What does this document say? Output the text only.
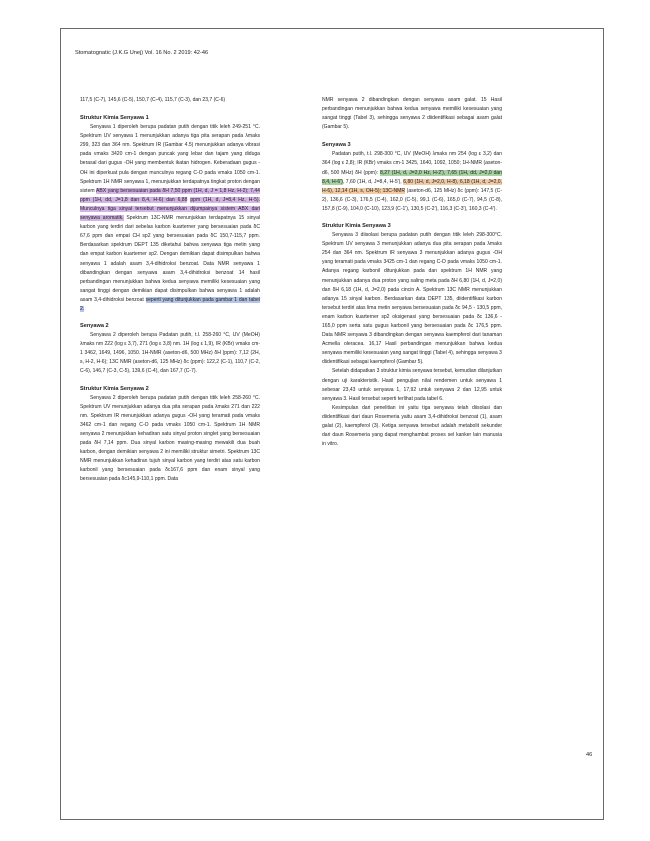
Stomatognatic (J.K.G Unej) Vol. 16 No. 2 2019: 42-46

117,5 (C-7), 145,6 (C-5), 150,7 (C-4), 115,7 (C-3), dan 23,7 (C-6)

Struktur Kimia Senyawa 1

Senyawa 1 diperoleh berupa padatan putih dengan titik leleh 249-251 °C. Spektrum UV senyawa 1 menunjukkan adanya tiga pita serapan pada λmaks 299, 323 dan 364 nm. Spektrum IR (Gambar 4.5) menunjukkan adanya vibrasi pada νmaks 3420 cm-1 dengan puncak yang lebar dan tajam yang diduga berasal dari gugus -OH yang membentuk ikatan hidrogen. Keberadaan gugus -OH ini diperkuat pula dengan munculnya regang C-O pada νmaks 1050 cm-1. Spektrum 1H NMR senyawa 1, menunjukkan terdapatnya tingkat proton dengan sistem ABX yang bersesuaian pada δH 7,50 ppm (1H, d, J = 1,8 Hz, H-2); 7,44 ppm (1H, dd, J=1,8 dan 8,4, H-6) dan 6,88 ppm (1H, d, J=8,4 Hz, H-5). Munculnya tiga sinyal tersebut menunjukkan dijumpainya sistem ABX dari senyawa aromatik. Spektrum 13C-NMR menunjukkan terdapatnya 15 sinyal karbon yang terdiri dari sebelas karbon kuarterner yang bersesuaian pada δC 67,6 ppm dan empat CH sp2 yang bersesuaian pada δC 150,7-115,7 ppm. Berdasarkan spektrum DEPT 135 diketahui bahwa senyawa tiga metin yang dan empat karbon kuarterner sp2. Dengan demikian dapat disimpulkan bahwa senyawa 1 adalah asam 3,4-dihidroksi benzoat. Data NMR senyawa 1 dibandingkan dengan senyawa asam 3,4-dihidroksi benzoat 14 hasil perbandingan menunjukkan bahwa kedua senyawa memiliki kesesuaian yang sangat tinggi dengan demikian dapat disimpulkan bahwa senyawa 1 adalah asam 3,4-dihidroksi benzoat seperti yang ditunjukkan pada gambar 1 dan tabel 2.

Senyawa 2

Senyawa 2 diperoleh berupa Padatan putih, t.l. 258-260 °C, UV (MeOH) λmaks nm 222 (log ε 3,7), 271 (log ε 3,8) nm. 1H (log ε 1,9), IR (KBr) νmaks cm-1 3462, 1649, 1496, 1050. 1H-NMR (aseton-d6, 500 MHz) δH (ppm): 7,12 (2H, s, H-2, H-6); 13C NMR (aseton-d6, 125 MHz) δc (ppm): 122,2 (C-1), 110,7 (C-2, C-6), 146,7 (C-3, C-5), 139,6 (C-4), dan 167,7 (C-7).

Struktur Kimia Senyawa 2

Senyawa 2 diperoleh berupa padatan putih dengan titik leleh 258-260 °C. Spektrum UV menunjukkan adanya dua pita serapan pada λmaks 271 dan 222 nm. Spektrum IR menunjukkan adanya gugus -OH yang teramati pada νmaks 3462 cm-1 dan regang C-O pada νmaks 1050 cm-1. Spektrum 1H NMR senyawa 2 menunjukkan kehadiran satu sinyal proton singlet yang bersesuaian pada δH 7,14 ppm. Dua sinyal karbon masing-masing mewakili dua buah karbon, dengan demikian senyawa 2 ini memiliki struktur simetri. Spektrum 13C NMR menunjukkan kehadiran tujuh sinyal karbon yang terdiri atas satu karbon karbonil yang bersesuaian pada δc167,6 ppm dan enam sinyal yang bersesuaian pada δc145,9-110,1 ppm. Data

NMR senyawa 2 dibandingkan dengan senyawa asam galat. 15 Hasil perbandingan menunjukkan bahwa kedua senyawa memiliki kesesuaian yang sangat tinggi (Tabel 3), sehingga senyawa 2 diidentifikasi sebagai asam galat (Gambar 5).

Senyawa 3

Padatan putih, t.l. 298-300 °C, UV (MeOH) λmaks nm 254 (log ε 3,2) dan 364 (log ε 2,8); IR (KBr) νmaks cm-1 3425, 1640, 1092, 1050; 1H-NMR (aseton-d6, 500 MHz) δH (ppm): 8,27 (1H, d, J=2,0 Hz, H-2'), 7,65 (1H, dd, J=2,0 dan 8,4, H-6'), 7,60 (1H, d, J=8,4, H-5'), 6,80 (1H, d, J=2,0, H-8), 6,18 (1H, d, J=2,0, H-6), 12,14 (1H, s, OH-5); 13C-NMR (aseton-d6, 125 MHz) δc (ppm): 147,5 (C-2), 136,6 (C-3), 176,5 (C-4), 162,0 (C-5), 99,1 (C-6), 165,0 (C-7), 94,5 (C-8), 157,8 (C-9), 104,0 (C-10), 123,9 (C-1'), 130,5 (C-2'), 116,3 (C-3'), 160,3 (C-4').

Struktur Kimia Senyawa 3

Senyawa 3 diisolasi berupa padatan putih dengan titik leleh 298-300°C. Spektrum UV senyawa 3 menunjukkan adanya dua pita serapan pada λmaks 254 dan 364 nm. Spektrum IR senyawa 3 menunjukkan adanya gugus -OH yang teramati pada νmaks 3425 cm-1 dan regang C-O pada νmaks 1050 cm-1. Adanya regang karbonil ditunjukkan pada dan spektrum 1H NMR yang menunjukkan adanya dua proton yang saling meta pada δH 6,80 (1H, d, J=2,0) dan δH 6,18 (1H, d, J=2,0) pada cincin A. Spektrum 13C NMR menunjukkan adanya 15 sinyal karbon. Berdasarkan data DEPT 135, diidentifikasi karbon tersebut terdiri atas lima metin senyawa bersesuaian pada δc 94,5 - 130,5 ppm, enam karbon kuarterner sp2 oksigenasi yang bersesuaian pada δc 136,6 - 165,0 ppm serta satu gugus karbonil yang bersesuaian pada δc 176,5 ppm. Data NMR senyawa 3 dibandingkan dengan senyawa kaempferol dari tanaman Acmella oleracea. 16,17 Hasil perbandingan menunjukkan bahwa kedua senyawa memiliki kesesuaian yang sangat tinggi (Tabel 4), sehingga senyawa 3 diidentifikasi sebagai kaempferol (Gambar 5).

Setelah didapatkan 3 struktur kimia senyawa tersebut, kemudian dilanjutkan dengan uji karakteristik. Hasil pengujian nilai rendemen untuk senyawa 1 sebesar 23,43 untuk senyawa 1, 17,92 untuk senyawa 2 dan 12,95 untuk senyawa 3. Hasil tersebut seperti terlihat pada tabel 6.

Kesimpulan dari penelitian ini yaitu tiga senyawa telah diisolasi dan diidentifikasi dari daun Rosemeria yaitu asam 3,4-dihidroksi benzoat (1), asam galat (2), kaempferol (3). Ketiga senyawa tersebut adalah metabolit sekunder dari daun Rosemeria yang dapat menghambat proses sel kanker lain manusia in vitro.

46
